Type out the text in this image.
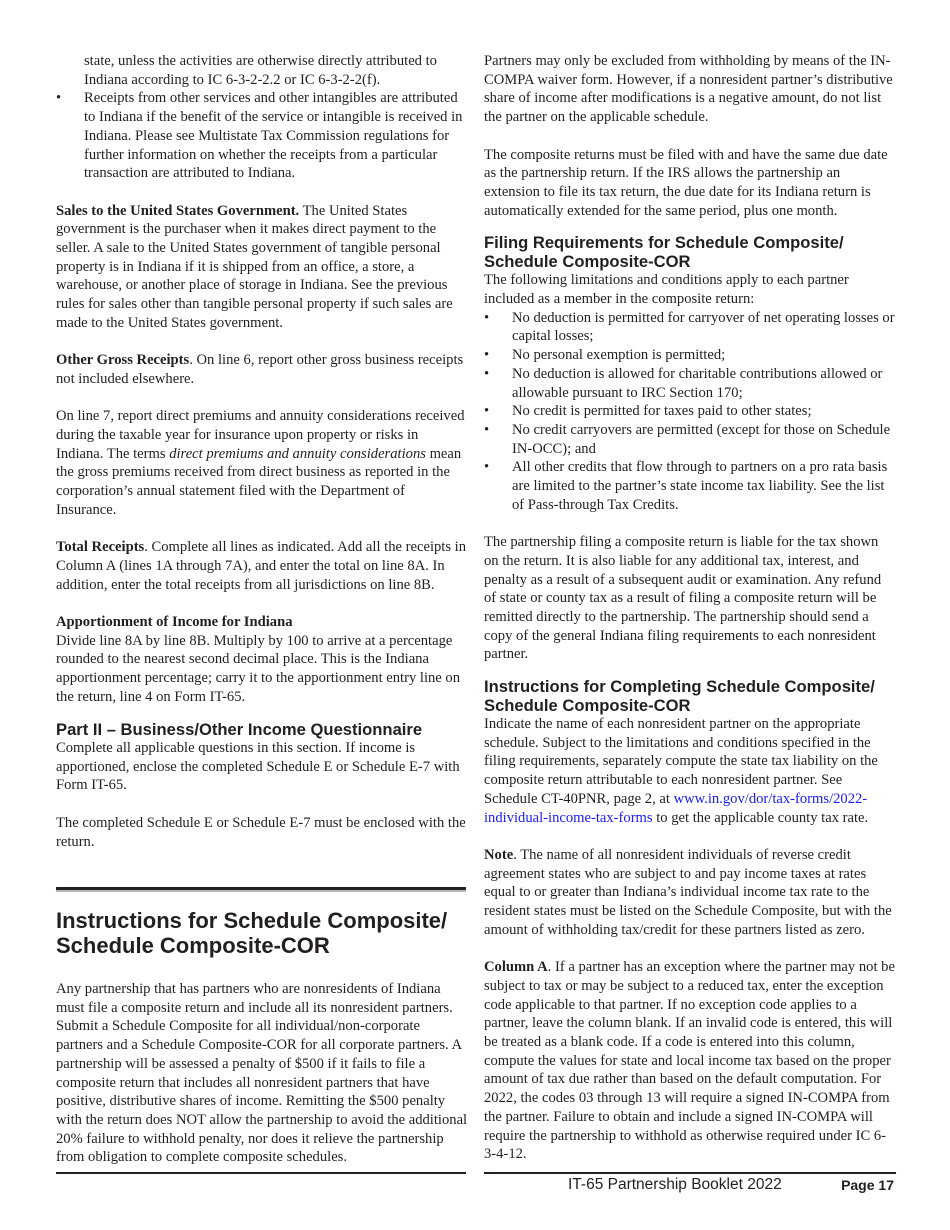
state, unless the activities are otherwise directly attributed to Indiana according to IC 6-3-2-2.2 or IC 6-3-2-2(f).

•	Receipts from other services and other intangibles are attributed to Indiana if the benefit of the service or intangible is received in Indiana. Please see Multistate Tax Commission regulations for further information on whether the receipts from a particular transaction are attributed to Indiana.

Sales to the United States Government. The United States government is the purchaser when it makes direct payment to the seller. A sale to the United States government of tangible personal property is in Indiana if it is shipped from an office, a store, a warehouse, or another place of storage in Indiana. See the previous rules for sales other than tangible personal property if such sales are made to the United States government.

Other Gross Receipts. On line 6, report other gross business receipts not included elsewhere.

On line 7, report direct premiums and annuity considerations received during the taxable year for insurance upon property or risks in Indiana. The terms direct premiums and annuity considerations mean the gross premiums received from direct business as reported in the corporation’s annual statement filed with the Department of Insurance.

Total Receipts. Complete all lines as indicated. Add all the receipts in Column A (lines 1A through 7A), and enter the total on line 8A. In addition, enter the total receipts from all jurisdictions on line 8B.

Apportionment of Income for Indiana

Divide line 8A by line 8B. Multiply by 100 to arrive at a percentage rounded to the nearest second decimal place. This is the Indiana apportionment percentage; carry it to the apportionment entry line on the return, line 4 on Form IT-65.

Part II – Business/Other Income Questionnaire

Complete all applicable questions in this section. If income is apportioned, enclose the completed Schedule E or Schedule E-7 with Form IT-65.

The completed Schedule E or Schedule E-7 must be enclosed with the return.

Instructions for Schedule Composite/
Schedule Composite-COR

Any partnership that has partners who are nonresidents of Indiana must file a composite return and include all its nonresident partners. Submit a Schedule Composite for all individual/non-corporate partners and a Schedule Composite-COR for all corporate partners. A partnership will be assessed a penalty of $500 if it fails to file a composite return that includes all nonresident partners that have positive, distributive shares of income. Remitting the $500 penalty with the return does NOT allow the partnership to avoid the additional 20% failure to withhold penalty, nor does it relieve the partnership from obligation to complete composite schedules.

Partners may only be excluded from withholding by means of the IN-COMPA waiver form. However, if a nonresident partner’s distributive share of income after modifications is a negative amount, do not list the partner on the applicable schedule.

The composite returns must be filed with and have the same due date as the partnership return. If the IRS allows the partnership an extension to file its tax return, the due date for its Indiana return is automatically extended for the same period, plus one month.

Filing Requirements for Schedule Composite/
Schedule Composite-COR

The following limitations and conditions apply to each partner included as a member in the composite return:

•	No deduction is permitted for carryover of net operating losses or capital losses;
•	No personal exemption is permitted;
•	No deduction is allowed for charitable contributions allowed or allowable pursuant to IRC Section 170;
•	No credit is permitted for taxes paid to other states;
•	No credit carryovers are permitted (except for those on Schedule IN-OCC); and
•	All other credits that flow through to partners on a pro rata basis are limited to the partner’s state income tax liability. See the list of Pass-through Tax Credits.

The partnership filing a composite return is liable for the tax shown on the return. It is also liable for any additional tax, interest, and penalty as a result of a subsequent audit or examination. Any refund of state or county tax as a result of filing a composite return will be remitted directly to the partnership. The partnership should send a copy of the general Indiana filing requirements to each nonresident partner.

Instructions for Completing Schedule Composite/
Schedule Composite-COR

Indicate the name of each nonresident partner on the appropriate schedule. Subject to the limitations and conditions specified in the filing requirements, separately compute the state tax liability on the composite return attributable to each nonresident partner. See Schedule CT-40PNR, page 2, at www.in.gov/dor/tax-forms/2022-individual-income-tax-forms to get the applicable county tax rate.

Note. The name of all nonresident individuals of reverse credit agreement states who are subject to and pay income taxes at rates equal to or greater than Indiana’s individual income tax rate to the resident states must be listed on the Schedule Composite, but with the amount of withholding tax/credit for these partners listed as zero.

Column A. If a partner has an exception where the partner may not be subject to tax or may be subject to a reduced tax, enter the exception code applicable to that partner. If no exception code applies to a partner, leave the column blank. If an invalid code is entered, this will be treated as a blank code. If a code is entered into this column, compute the values for state and local income tax based on the proper amount of tax due rather than based on the default computation. For 2022, the codes 03 through 13 will require a signed IN-COMPA from the partner. Failure to obtain and include a signed IN-COMPA will require the partnership to withhold as otherwise required under IC 6-3-4-12.

IT-65 Partnership Booklet 2022	Page 17
